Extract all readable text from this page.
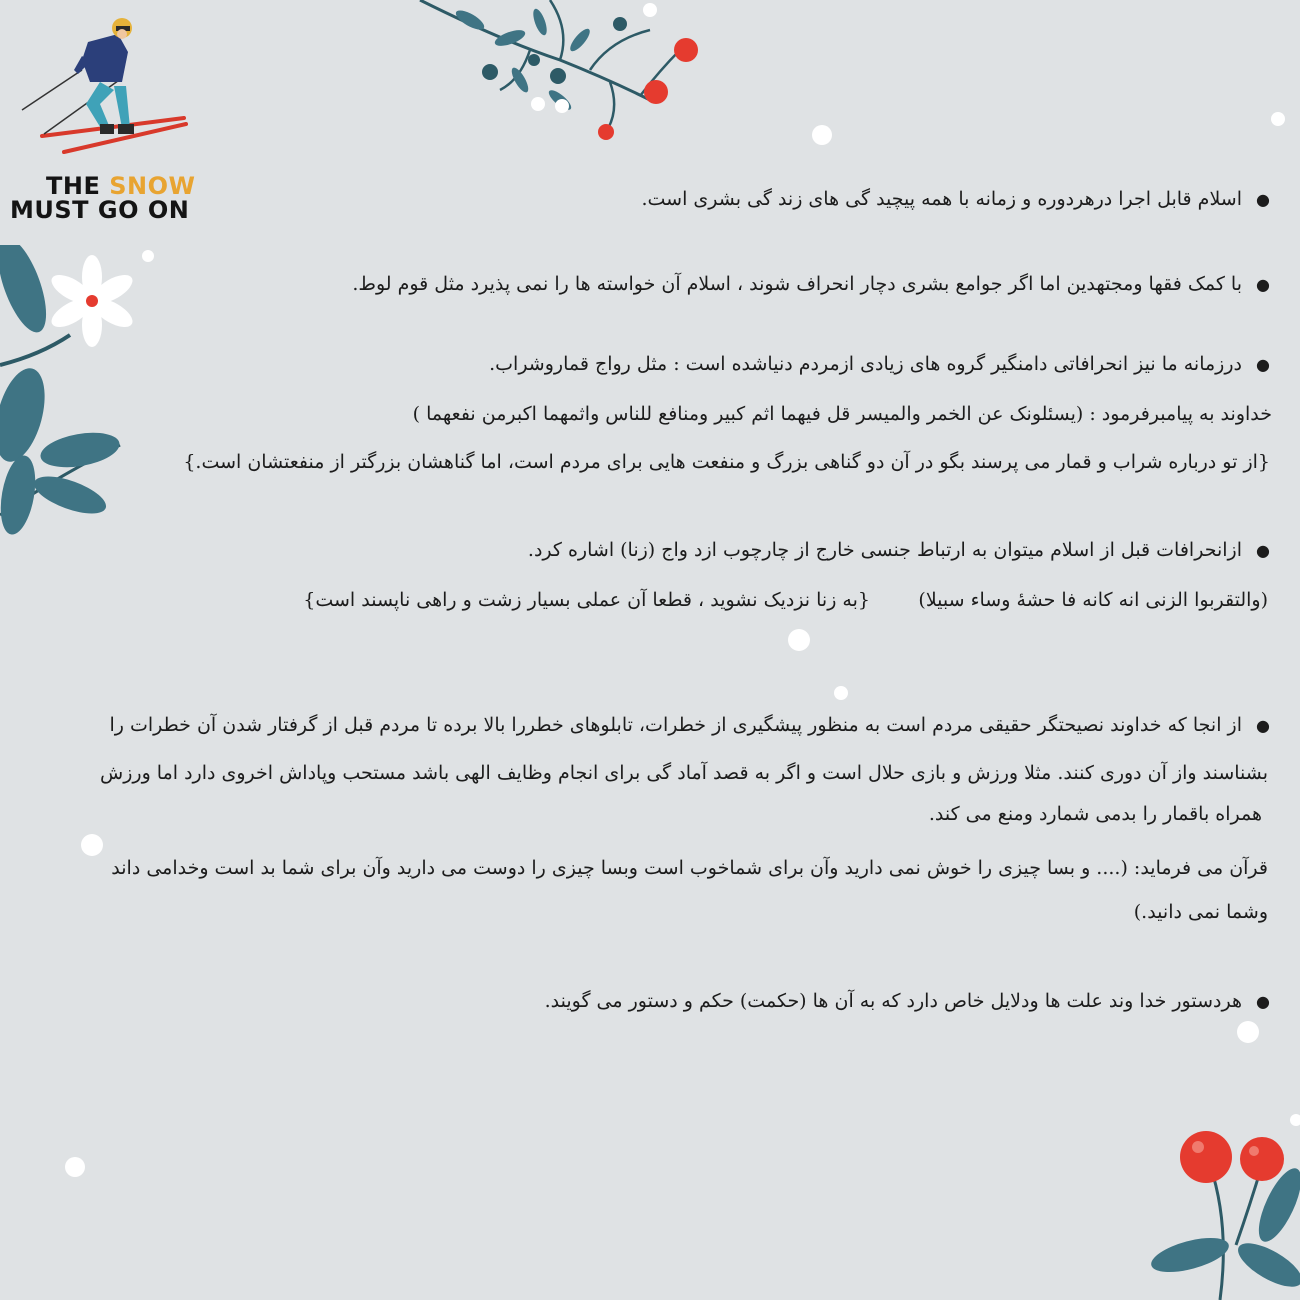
THE SNOW
MUST GO ON
●	اسلام قابل اجرا درهردوره و زمانه با همه پیچید گی های زند گی بشری است.
● با کمک فقها ومجتهدین اما اگر جوامع بشری دچار انحراف شوند ، اسلام آن خواسته ها را نمی پذیرد مثل قوم لوط.
● درزمانه ما نیز انحرافاتی دامنگیر گروه های زیادی ازمردم دنیاشده است : مثل رواج قماروشراب.
خداوند به پیامبرفرمود : (یسئلونک عن الخمر والمیسر قل فیهما اثم کبیر ومنافع للناس واثمهما اکبرمن نفعهما )
{از تو درباره شراب و قمار می پرسند بگو در آن دو گناهی بزرگ و منفعت هایی برای مردم است، اما گناهشان بزرگتر از منفعتشان است.}
● ازانحرافات قبل از اسلام میتوان به ارتباط جنسی خارج از چارچوب ازد واج (زنا) اشاره کرد.
(والتقربوا الزنی انه کانه فا حشهٔ وساء سبیلا)
{به زنا نزدیک نشوید ، قطعا آن عملی بسیار زشت و راهی ناپسند است}
● از انجا که خداوند نصیحتگر حقیقی مردم است به منظور پیشگیری از خطرات، تابلوهای خطررا بالا برده تا مردم قبل از گرفتار شدن آن خطرات را
بشناسند واز آن دوری کنند. مثلا ورزش و بازی حلال است و اگر به قصد آماد گی برای انجام وظایف الهی باشد مستحب وپاداش اخروی دارد اما ورزش
همراه باقمار را بدمی شمارد ومنع می کند.
قرآن می فرماید: (.... و بسا چیزی را خوش نمی دارید وآن برای شماخوب است وبسا چیزی را دوست می دارید وآن برای شما بد است وخدامی داند
وشما نمی دانید.)
● هردستور خدا وند علت ها ودلایل خاص دارد که به آن ها (حکمت) حکم و دستور می گویند.
